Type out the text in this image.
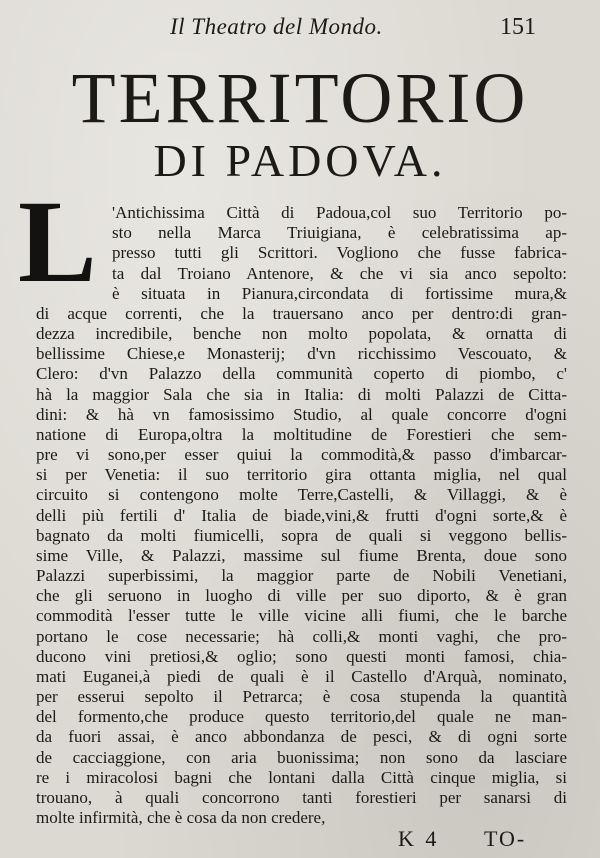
Il Theatro del Mondo.	151
TERRITORIO
DI PADOVA.
L 'Antichissima Città di Padoua,col suo Territorio po-
sto nella Marca Triuigiana, è celebratissima ap-
presso tutti gli Scrittori. Vogliono che fusse fabrica-
ta dal Troiano Antenore, & che vi sia anco sepolto:
è situata in Pianura,circondata di fortissime mura,&
di acque correnti, che la trauersano anco per dentro:di gran-
dezza incredibile, benche non molto popolata, & ornatta di
bellissime Chiese,e Monasterij; d'vn ricchissimo Vescouato, &
Clero: d'vn Palazzo della communità coperto di piombo, c'
hà la maggior Sala che sia in Italia: di molti Palazzi de Citta-
dini: & hà vn famosissimo Studio, al quale concorre d'ogni
natione di Europa,oltra la moltitudine de Forestieri che sem-
pre vi sono,per esser quiui la commodità,& passo d'imbarcar-
si per Venetia: il suo territorio gira ottanta miglia, nel qual
circuito si contengono molte Terre,Castelli, & Villaggi, & è
delli più fertili d' Italia de biade,vini,& frutti d'ogni sorte,& è
bagnato da molti fiumicelli, sopra de quali si veggono bellis-
sime Ville, & Palazzi, massime sul fiume Brenta, doue sono
Palazzi superbissimi, la maggior parte de Nobili Venetiani,
che gli seruono in luogho di ville per suo diporto, & è gran
commodità l'esser tutte le ville vicine alli fiumi, che le barche
portano le cose necessarie; hà colli,& monti vaghi, che pro-
ducono vini pretiosi,& oglio; sono questi monti famosi, chia-
mati Euganei,à piedi de quali è il Castello d'Arquà, nominato,
per esserui sepolto il Petrarca; è cosa stupenda la quantità
del formento,che produce questo territorio,del quale ne man-
da fuori assai, è anco abbondanza de pesci, & di ogni sorte
de cacciaggione, con aria buonissima; non sono da lasciare
re i miracolosi bagni che lontani dalla Città cinque miglia, si
trouano, à quali concorrono tanti forestieri per sanarsi di
molte infirmità, che è cosa da non credere,
K 4 TO-
